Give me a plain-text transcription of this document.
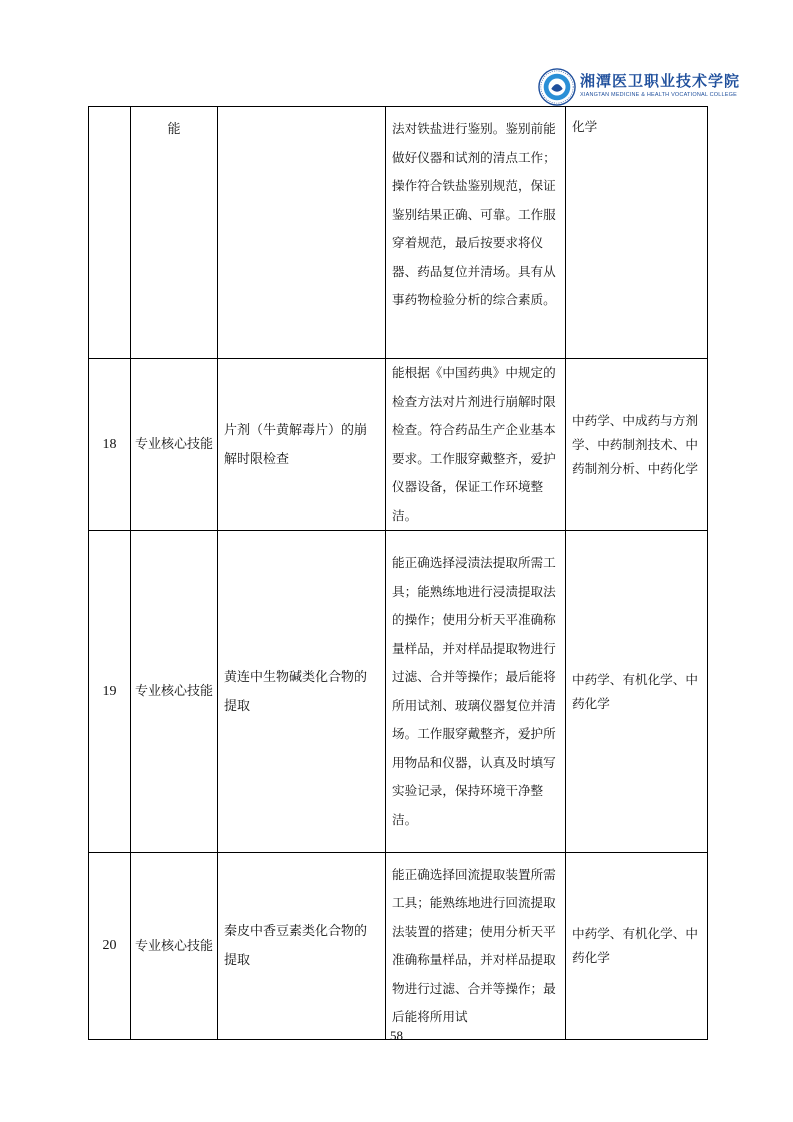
湘潭医卫职业技术学院
XIANGTAN MEDICINE & HEALTH VOCATIONAL COLLEGE
	能		法对铁盐进行鉴别。鉴别前能做好仪器和试剂的清点工作；操作符合铁盐鉴别规范，保证鉴别结果正确、可靠。工作服穿着规范，最后按要求将仪器、药品复位并清场。具有从事药物检验分析的综合素质。	化学
18	专业核心技能	片剂（牛黄解毒片）的崩解时限检查	能根据《中国药典》中规定的检查方法对片剂进行崩解时限检查。符合药品生产企业基本要求。工作服穿戴整齐，爱护仪器设备，保证工作环境整洁。	中药学、中成药与方剂学、中药制剂技术、中药制剂分析、中药化学
19	专业核心技能	黄连中生物碱类化合物的提取	能正确选择浸渍法提取所需工具；能熟练地进行浸渍提取法的操作；使用分析天平准确称量样品，并对样品提取物进行过滤、合并等操作；最后能将所用试剂、玻璃仪器复位并清场。工作服穿戴整齐，爱护所用物品和仪器，认真及时填写实验记录，保持环境干净整洁。	中药学、有机化学、中药化学
20	专业核心技能	秦皮中香豆素类化合物的提取	能正确选择回流提取装置所需工具；能熟练地进行回流提取法装置的搭建；使用分析天平准确称量样品，并对样品提取物进行过滤、合并等操作；最后能将所用试	中药学、有机化学、中药化学
58
